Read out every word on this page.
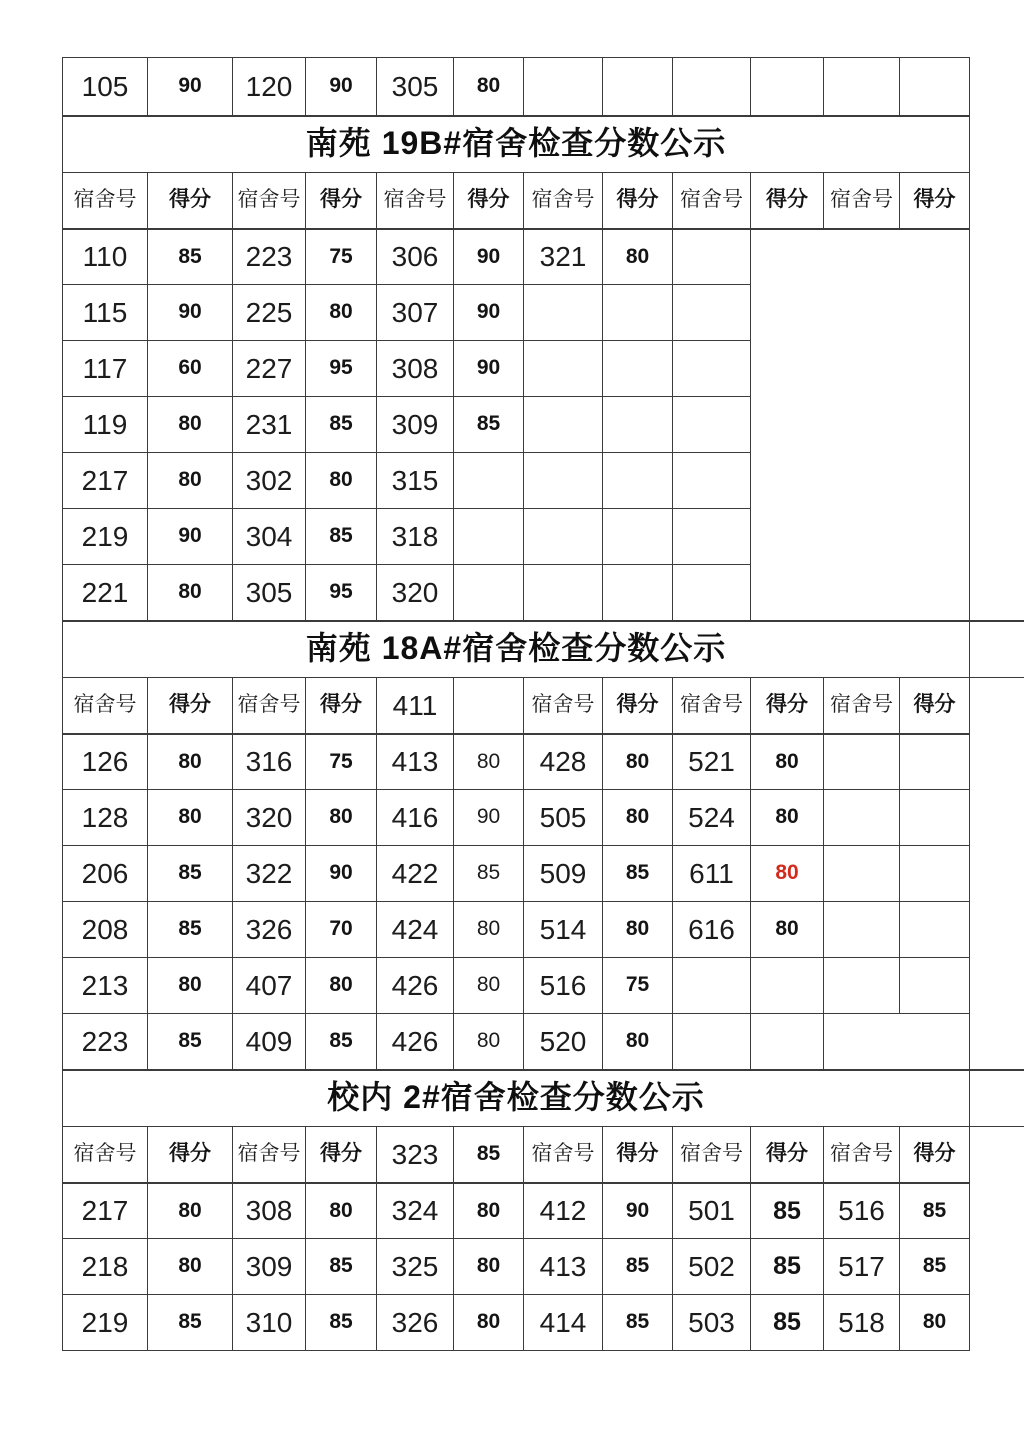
105	90	120	90	305	80							
南苑 19B#宿舍检查分数公示												
宿舍号	得分	宿舍号	得分	宿舍号	得分	宿舍号	得分	宿舍号	得分	宿舍号	得分	
110	85	223	75	306	90	321	80					
115	90	225	80	307	90							
117	60	227	95	308	90							
119	80	231	85	309	85							
217	80	302	80	315								
219	90	304	85	318								
221	80	305	95	320								
南苑 18A#宿舍检查分数公示												
宿舍号	得分	宿舍号	得分	411		宿舍号	得分	宿舍号	得分	宿舍号	得分	
126	80	316	75	413	80	428	80	521	80			
128	80	320	80	416	90	505	80	524	80			
206	85	322	90	422	85	509	85	611	80			
208	85	326	70	424	80	514	80	616	80			
213	80	407	80	426	80	516	75					
223	85	409	85	426	80	520	80					
校内 2#宿舍检查分数公示												
宿舍号	得分	宿舍号	得分	323	85	宿舍号	得分	宿舍号	得分	宿舍号	得分	
217	80	308	80	324	80	412	90	501	85	516	85	
218	80	309	85	325	80	413	85	502	85	517	85	
219	85	310	85	326	80	414	85	503	85	518	80	
